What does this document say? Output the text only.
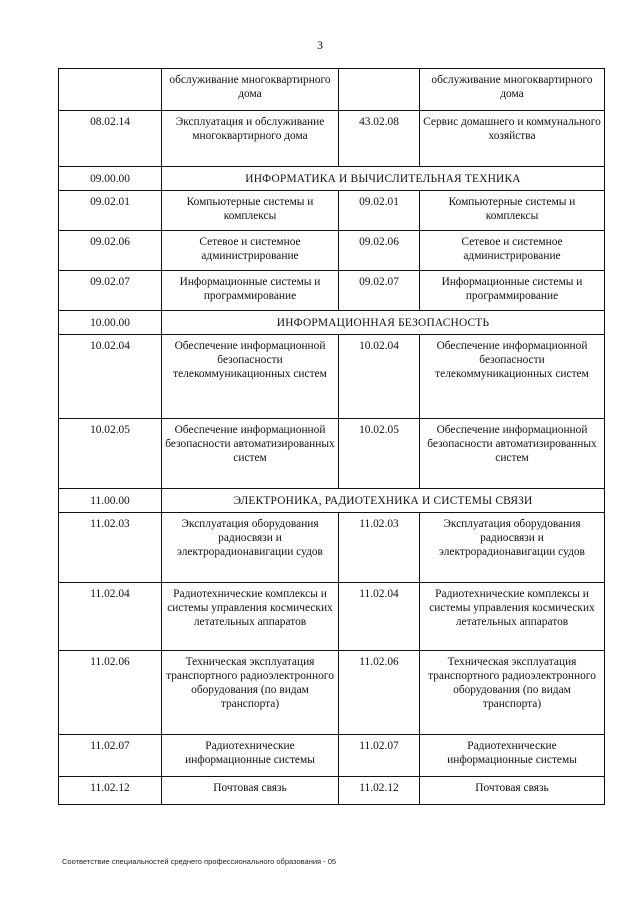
3
	обслуживание многоквартирного дома		обслуживание многоквартирного дома
08.02.14	Эксплуатация и обслуживание многоквартирного дома	43.02.08	Сервис домашнего и коммунального хозяйства
09.00.00	ИНФОРМАТИКА И ВЫЧИСЛИТЕЛЬНАЯ ТЕХНИКА		
09.02.01	Компьютерные системы и комплексы	09.02.01	Компьютерные системы и комплексы
09.02.06	Сетевое и системное администрирование	09.02.06	Сетевое и системное администрирование
09.02.07	Информационные системы и программирование	09.02.07	Информационные системы и программирование
10.00.00	ИНФОРМАЦИОННАЯ БЕЗОПАСНОСТЬ		
10.02.04	Обеспечение информационной безопасности телекоммуникационных систем	10.02.04	Обеспечение информационной безопасности телекоммуникационных систем
10.02.05	Обеспечение информационной безопасности автоматизированных систем	10.02.05	Обеспечение информационной безопасности автоматизированных систем
11.00.00	ЭЛЕКТРОНИКА, РАДИОТЕХНИКА И СИСТЕМЫ СВЯЗИ		
11.02.03	Эксплуатация оборудования радиосвязи и электрорадионавигации судов	11.02.03	Эксплуатация оборудования радиосвязи и электрорадионавигации судов
11.02.04	Радиотехнические комплексы и системы управления космических летательных аппаратов	11.02.04	Радиотехнические комплексы и системы управления космических летательных аппаратов
11.02.06	Техническая эксплуатация транспортного радиоэлектронного оборудования (по видам транспорта)	11.02.06	Техническая эксплуатация транспортного радиоэлектронного оборудования (по видам транспорта)
11.02.07	Радиотехнические информационные системы	11.02.07	Радиотехнические информационные системы
11.02.12	Почтовая связь	11.02.12	Почтовая связь
Соответствие специальностей среднего профессионального образования - 05
